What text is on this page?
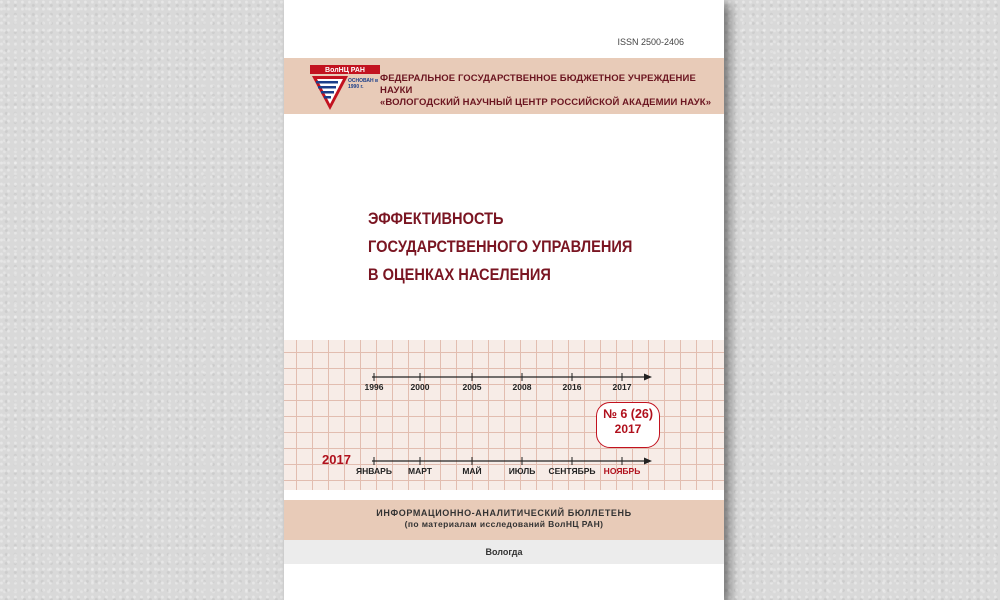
ISSN 2500-2406
ВолНЦ РАН
ОСНОВАН в 1990 г.
ФЕДЕРАЛЬНОЕ ГОСУДАРСТВЕННОЕ БЮДЖЕТНОЕ УЧРЕЖДЕНИЕ НАУКИ
«ВОЛОГОДСКИЙ НАУЧНЫЙ ЦЕНТР РОССИЙСКОЙ АКАДЕМИИ НАУК»
ЭФФЕКТИВНОСТЬ
ГОСУДАРСТВЕННОГО УПРАВЛЕНИЯ
В ОЦЕНКАХ НАСЕЛЕНИЯ
1996	2000	2005	2008	2016	2017
№ 6 (26)
2017
2017
ЯНВАРЬ МАРТ	МАЙ	ИЮЛЬ СЕНТЯБРЬ НОЯБРЬ
ИНФОРМАЦИОННО-АНАЛИТИЧЕСКИЙ БЮЛЛЕТЕНЬ
(по материалам исследований ВолНЦ РАН)
Вологда
